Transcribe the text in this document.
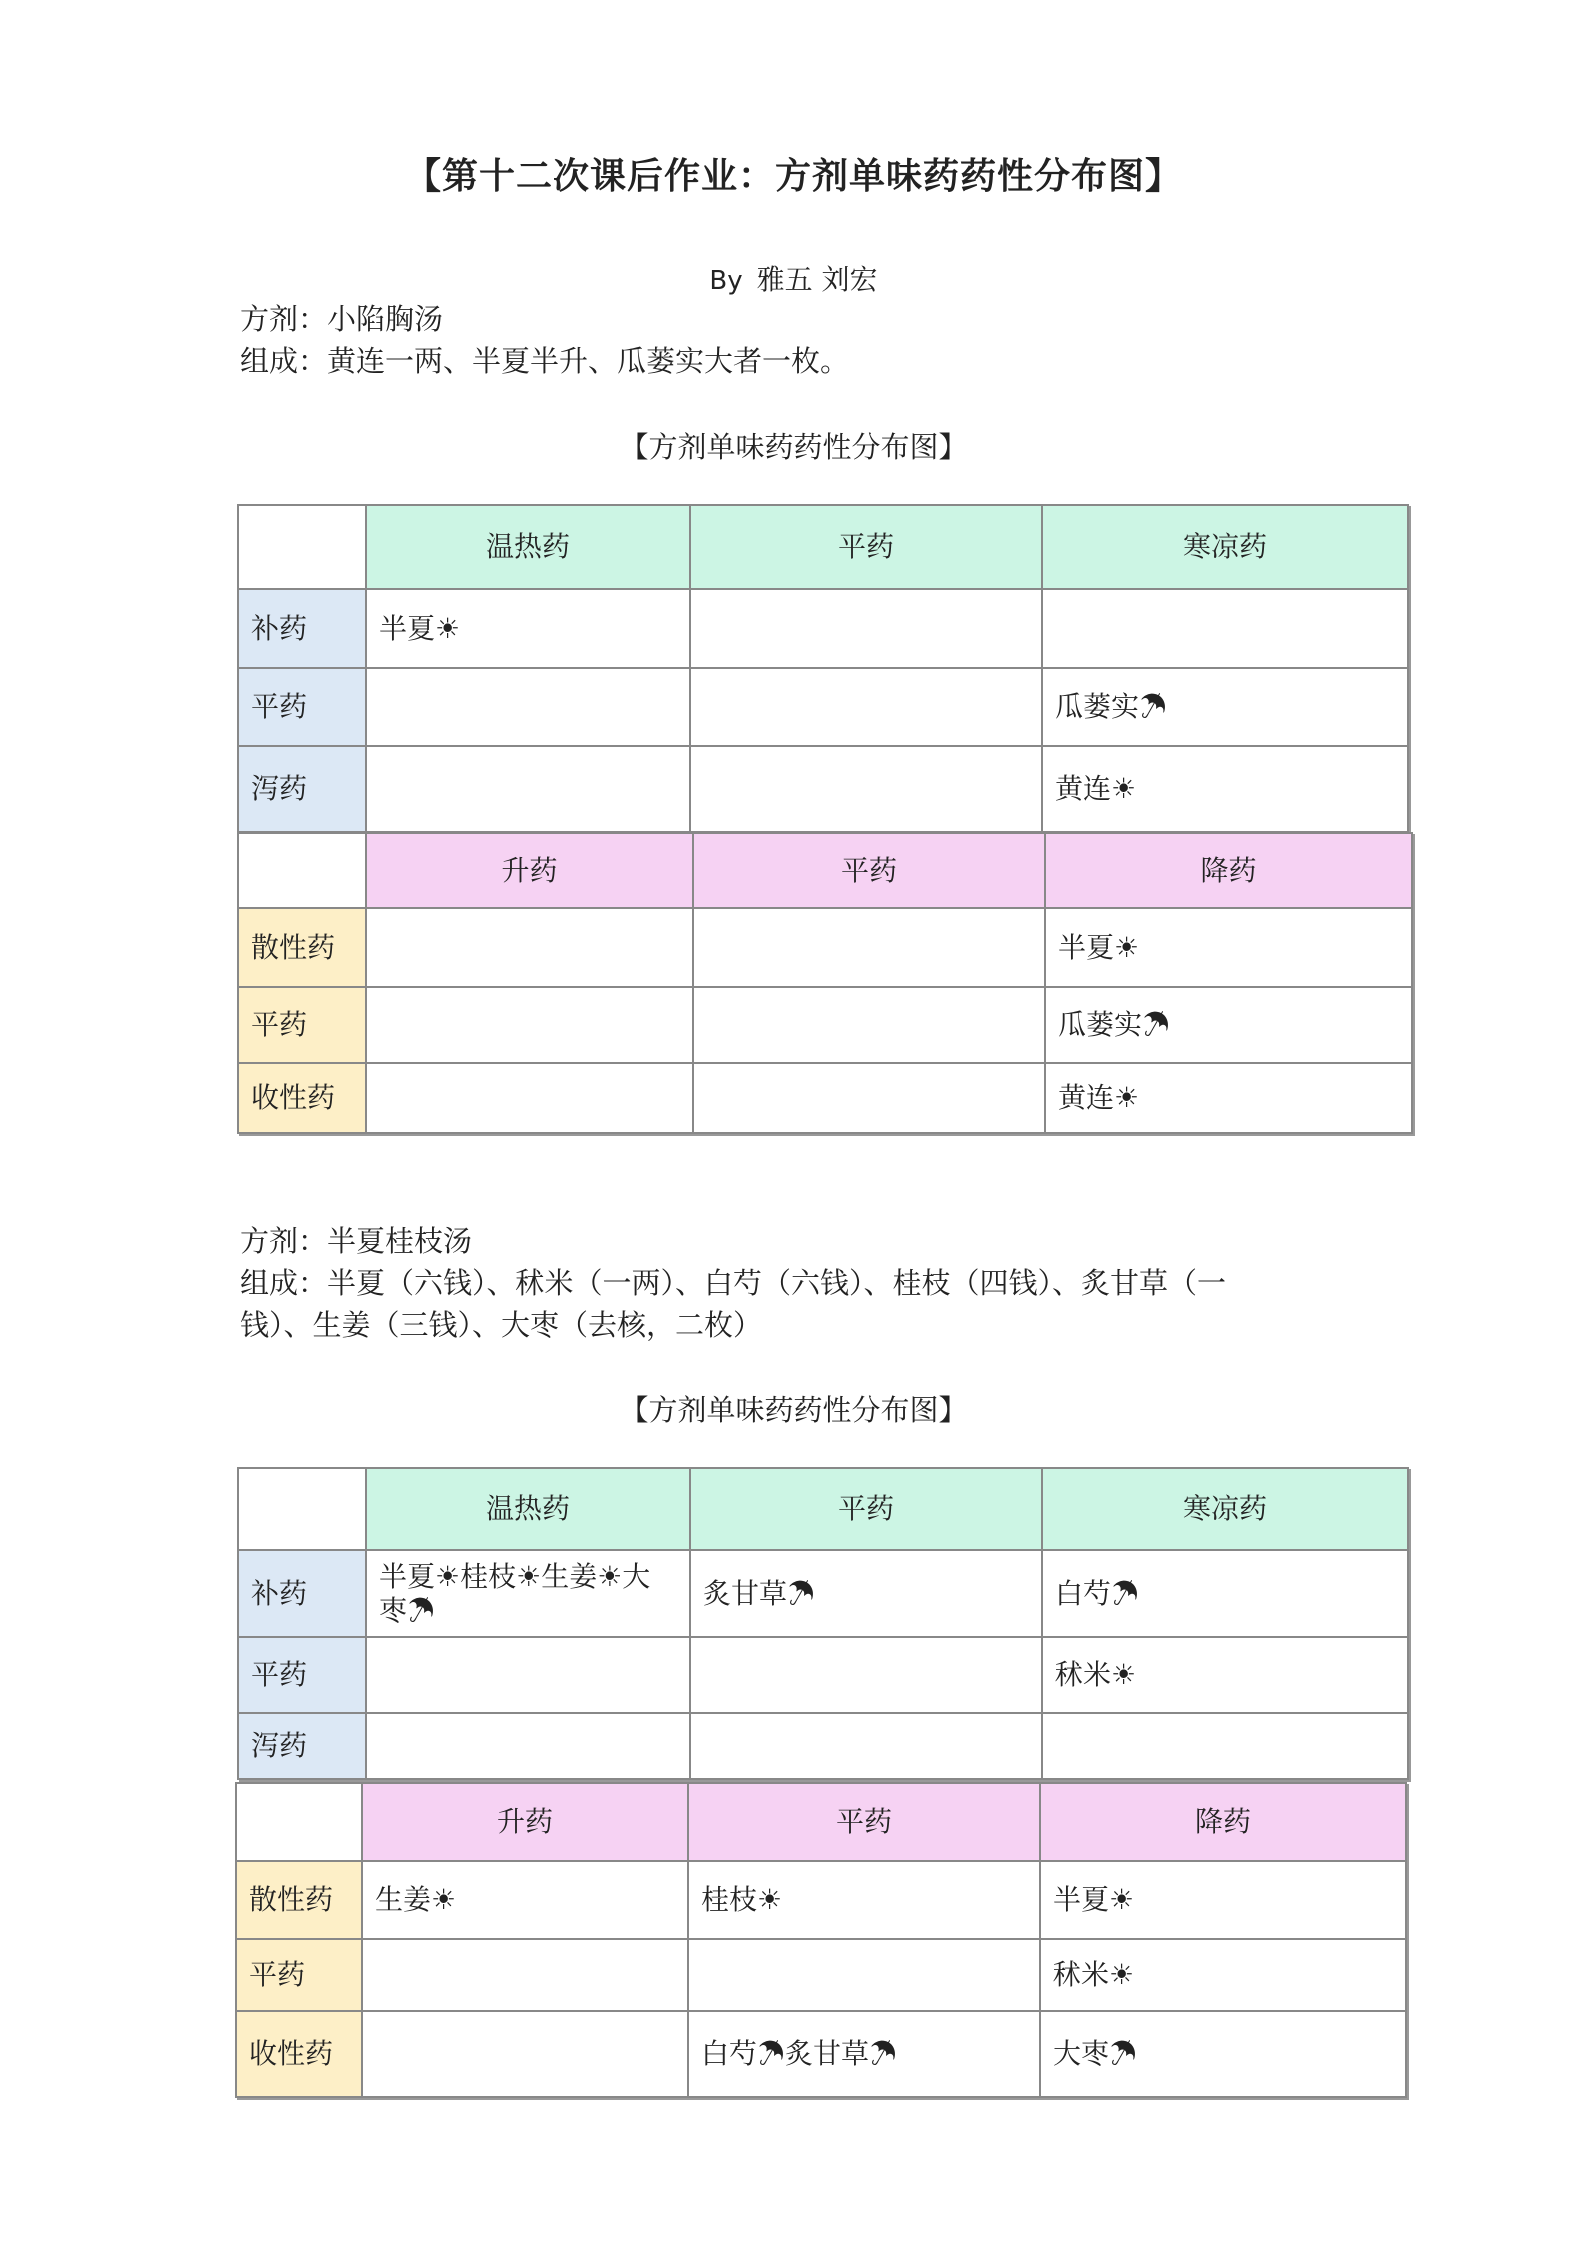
【第十二次课后作业：方剂单味药药性分布图】
By 雅五 刘宏
方剂：小陷胸汤
组成：黄连一两、半夏半升、瓜蒌实大者一枚。
【方剂单味药药性分布图】
	温热药	平药	寒凉药
补药	半夏☀		
平药			瓜蒌实☂
泻药			黄连☀
	升药	平药	降药
散性药			半夏☀
平药			瓜蒌实☂
收性药			黄连☀
方剂：半夏桂枝汤
组成：半夏（六钱）、秫米（一两）、白芍（六钱）、桂枝（四钱）、炙甘草（一
钱）、生姜（三钱）、大枣（去核，二枚）
【方剂单味药药性分布图】
	温热药	平药	寒凉药
补药	半夏☀桂枝☀生姜☀大枣☂	炙甘草☂	白芍☂
平药			秫米☀
泻药			
	升药	平药	降药
散性药	生姜☀	桂枝☀	半夏☀
平药			秫米☀
收性药		白芍☂炙甘草☂	大枣☂
